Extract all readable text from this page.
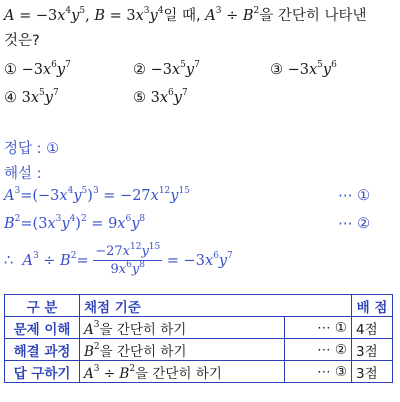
$A = -3x^4y^5$, $B = 3x^3y^4$일 때, $A^3 \div B^2$을 간단히 나타낸
것은?
① $-3x^6y^7$	② $-3x^5y^7$	③ $-3x^5y^6$
④ $3x^5y^7$	⑤ $3x^6y^7$
정답 : ①
해설 :
$A^3=(-3x^4y^5)^3 = -27x^{12}y^{15}$	⋯ ①
$B^2=(3x^3y^4)^2 = 9x^6y^8$	⋯ ②
∴  $A^3 \div B^2= \frac{-27x^{12}y^{15}}{9x^6y^8} = -3x^6y^7$
구 분	채점 기준		배 점
문제 이해	$A^3$을 간단히 하기	⋯ ①	4점
해결 과정	$B^2$을 간단히 하기	⋯ ②	3점
답 구하기	$A^3 \div B^2$을 간단히 하기	⋯ ③	3점
